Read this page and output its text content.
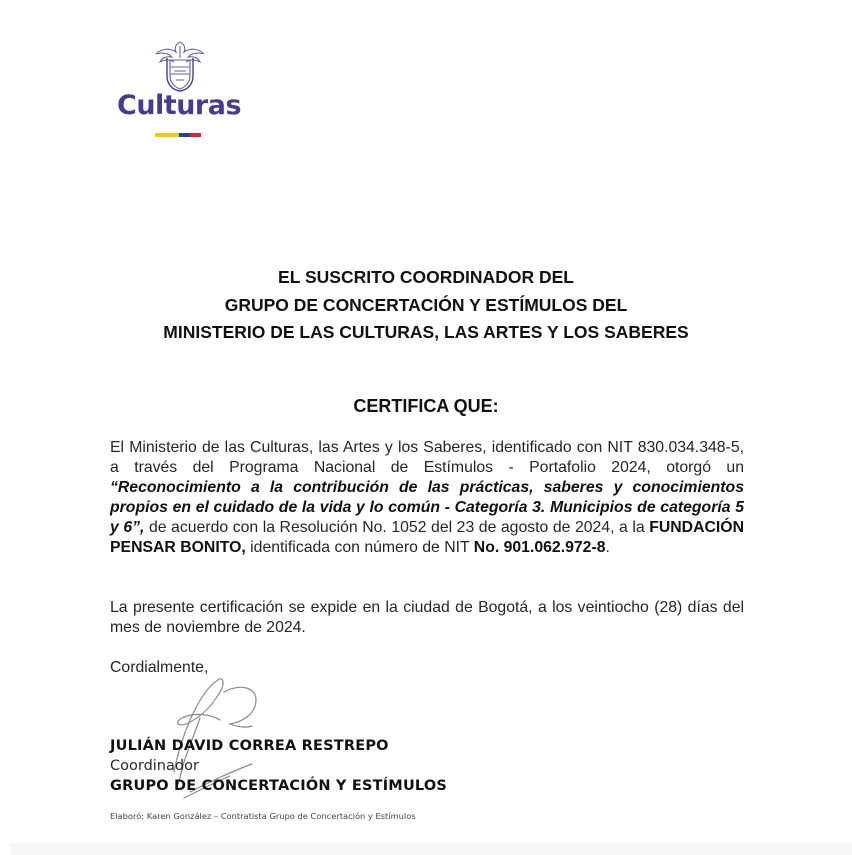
Culturas
EL SUSCRITO COORDINADOR DEL
GRUPO DE CONCERTACIÓN Y ESTÍMULOS DEL
MINISTERIO DE LAS CULTURAS, LAS ARTES Y LOS SABERES
CERTIFICA QUE:
El Ministerio de las Culturas, las Artes y los Saberes, identificado con NIT 830.034.348-5, a través del Programa Nacional de Estímulos - Portafolio 2024, otorgó un “Reconocimiento a la contribución de las prácticas, saberes y conocimientos propios en el cuidado de la vida y lo común - Categoría 3. Municipios de categoría 5 y 6”, de acuerdo con la Resolución No. 1052 del 23 de agosto de 2024, a la FUNDACIÓN PENSAR BONITO, identificada con número de NIT No. 901.062.972-8.
La presente certificación se expide en la ciudad de Bogotá, a los veintiocho (28) días del mes de noviembre de 2024.
Cordialmente,
JULIÁN DAVID CORREA RESTREPO
Coordinador
GRUPO DE CONCERTACIÓN Y ESTÍMULOS
Elaboró: Karen González – Contratista Grupo de Concertación y Estímulos
